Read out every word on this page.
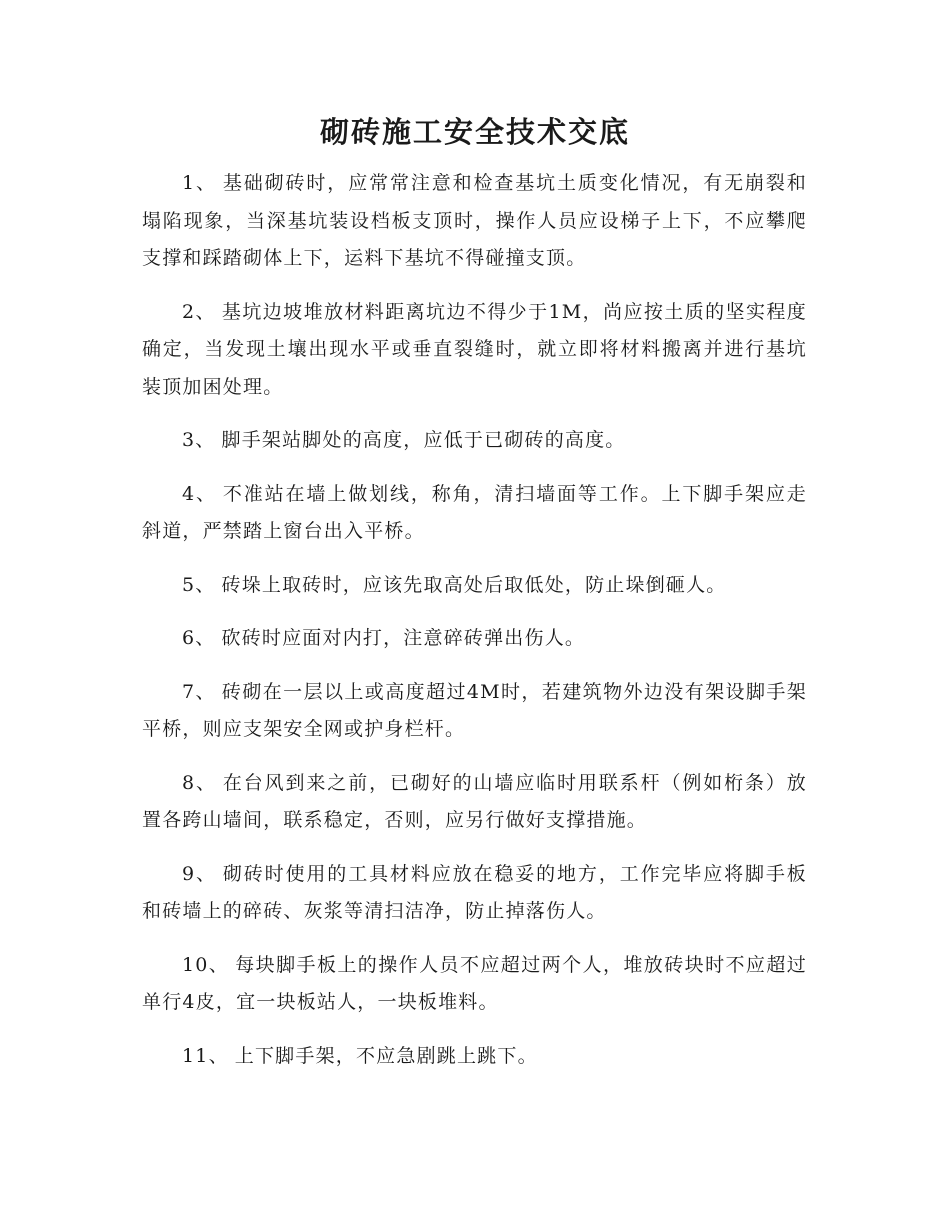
砌砖施工安全技术交底

1、 基础砌砖时，应常常注意和检查基坑土质变化情况，有无崩裂和塌陷现象，当深基坑装设档板支顶时，操作人员应设梯子上下，不应攀爬支撑和踩踏砌体上下，运料下基坑不得碰撞支顶。

2、 基坑边坡堆放材料距离坑边不得少于1M，尚应按土质的坚实程度确定，当发现土壤出现水平或垂直裂缝时，就立即将材料搬离并进行基坑装顶加困处理。

3、 脚手架站脚处的高度，应低于已砌砖的高度。

4、 不准站在墙上做划线，称角，清扫墙面等工作。上下脚手架应走斜道，严禁踏上窗台出入平桥。

5、 砖垛上取砖时，应该先取高处后取低处，防止垛倒砸人。

6、 砍砖时应面对内打，注意碎砖弹出伤人。

7、 砖砌在一层以上或高度超过4M时，若建筑物外边没有架设脚手架平桥，则应支架安全网或护身栏杆。

8、 在台风到来之前，已砌好的山墙应临时用联系杆（例如桁条）放置各跨山墙间，联系稳定，否则，应另行做好支撑措施。

9、 砌砖时使用的工具材料应放在稳妥的地方，工作完毕应将脚手板和砖墙上的碎砖、灰浆等清扫洁净，防止掉落伤人。

10、 每块脚手板上的操作人员不应超过两个人，堆放砖块时不应超过单行4皮，宜一块板站人，一块板堆料。

11、 上下脚手架，不应急剧跳上跳下。
